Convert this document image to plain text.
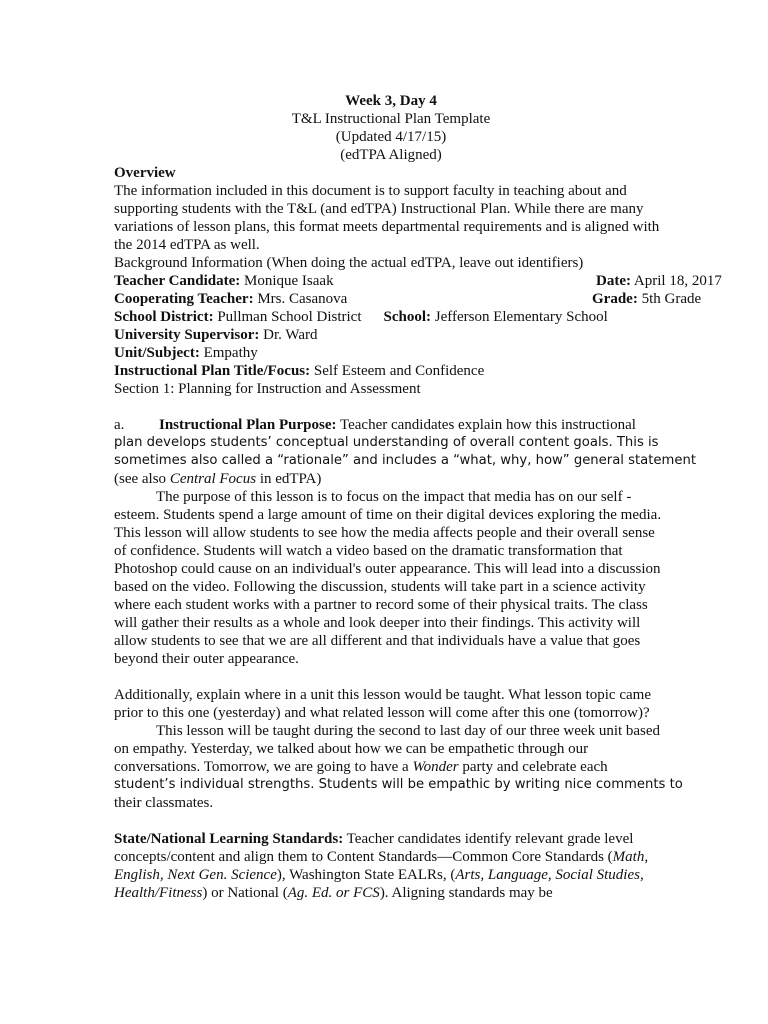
Week 3, Day 4

T&L Instructional Plan Template

(Updated 4/17/15)

(edTPA Aligned)

Overview

The information included in this document is to support faculty in teaching about and supporting students with the T&L (and edTPA) Instructional Plan. While there are many variations of lesson plans, this format meets departmental requirements and is aligned with the 2014 edTPA as well.

Background Information (When doing the actual edTPA, leave out identifiers)

Teacher Candidate: Monique Isaak	Date: April 18, 2017
Cooperating Teacher: Mrs. Casanova	Grade: 5th Grade
School District: Pullman School District School: Jefferson Elementary School

University Supervisor: Dr. Ward

Unit/Subject: Empathy

Instructional Plan Title/Focus: Self Esteem and Confidence

Section 1: Planning for Instruction and Assessment

a.	Instructional Plan Purpose: Teacher candidates explain how this instructional

plan develops students’ conceptual understanding of overall content goals. This is

sometimes also called a “rationale” and includes a “what, why, how” general statement

(see also Central Focus in edTPA)

The purpose of this lesson is to focus on the impact that media has on our self - esteem. Students spend a large amount of time on their digital devices exploring the media. This lesson will allow students to see how the media affects people and their overall sense of confidence. Students will watch a video based on the dramatic transformation that Photoshop could cause on an individual's outer appearance. This will lead into a discussion based on the video. Following the discussion, students will take part in a science activity where each student works with a partner to record some of their physical traits. The class will gather their results as a whole and look deeper into their findings. This activity will allow students to see that we are all different and that individuals have a value that goes beyond their outer appearance.

Additionally, explain where in a unit this lesson would be taught. What lesson topic came prior to this one (yesterday) and what related lesson will come after this one (tomorrow)?

This lesson will be taught during the second to last day of our three week unit based on empathy. Yesterday, we talked about how we can be empathetic through our conversations. Tomorrow, we are going to have a Wonder party and celebrate each

student’s individual strengths. Students will be empathic by writing nice comments to

their classmates.

State/National Learning Standards: Teacher candidates identify relevant grade level concepts/content and align them to Content Standards—Common Core Standards (Math, English, Next Gen. Science), Washington State EALRs, (Arts, Language, Social Studies, Health/Fitness) or National (Ag. Ed. or FCS). Aligning standards may be
